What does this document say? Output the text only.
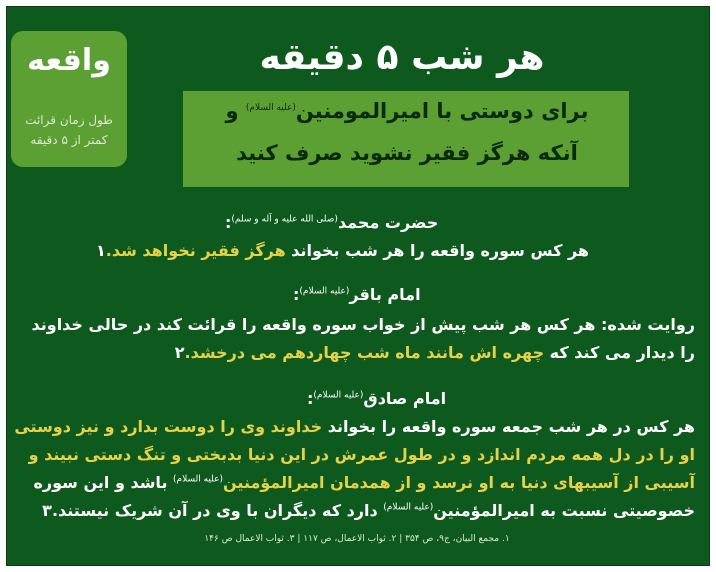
واقعه
طول زمان قرائت
کمتر از ۵ دقیقه
هر شب ۵ دقیقه
برای دوستی با امیرالمومنین$^{(علیه السلام)}$ و
آنکه هرگز فقیر نشوید صرف کنید
حضرت محمد$^{(صلی الله علیه و آله و سلم)}$:
هر کس سوره واقعه را هر شب بخواند هرگز فقیر نخواهد شد.۱
امام باقر$^{(علیه السلام)}$:
روایت شده: هر کس هر شب پیش از خواب سوره واقعه را قرائت کند در حالی خداوند
را دیدار می کند که چهره اش مانند ماه شب چهاردهم می درخشد.۲
امام صادق$^{(علیه السلام)}$:
هر کس در هر شب جمعه سوره واقعه را بخواند خداوند وی را دوست بدارد و نیز دوستی
او را در دل همه مردم اندازد و در طول عمرش در این دنیا بدبختی و تنگ دستی نبیند و
آسیبی از آسیبهای دنیا به او نرسد و از همدمان امیرالمؤمنین$^{(علیه السلام)}$ باشد و این سوره
خصوصیتی نسبت به امیرالمؤمنین$^{(علیه السلام)}$ دارد که دیگران با وی در آن شریک نیستند.۳
۱. مجمع البیان، ج۹، ص ۳۵۴ | ۲. ثواب الاعمال، ص ۱۱۷ | ۳. ثواب الاعمال ص ۱۴۶
